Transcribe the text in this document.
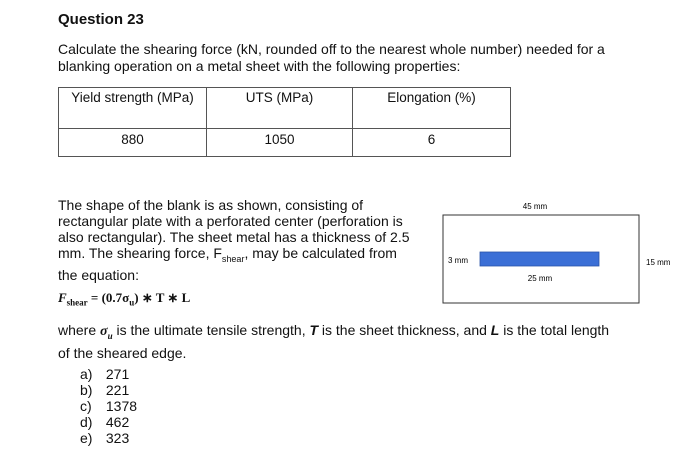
Question 23
Calculate the shearing force (kN, rounded off to the nearest whole number) needed for a blanking operation on a metal sheet with the following properties:
Yield strength (MPa)	UTS (MPa)	Elongation (%)
880	1050	6
The shape of the blank is as shown, consisting of rectangular plate with a perforated center (perforation is also rectangular). The sheet metal has a thickness of 2.5 mm. The shearing force, $F_{shear}$, may be calculated from the equation:
$F_{shear} = (0.7\sigma_u)$ ∗ T ∗ L
where $\sigma_u$ is the ultimate tensile strength, T is the sheet thickness, and L is the total length of the sheared edge.
a) 271
b) 221
c) 1378
d) 462
e) 323
45 mm
15 mm
25 mm
3 mm
